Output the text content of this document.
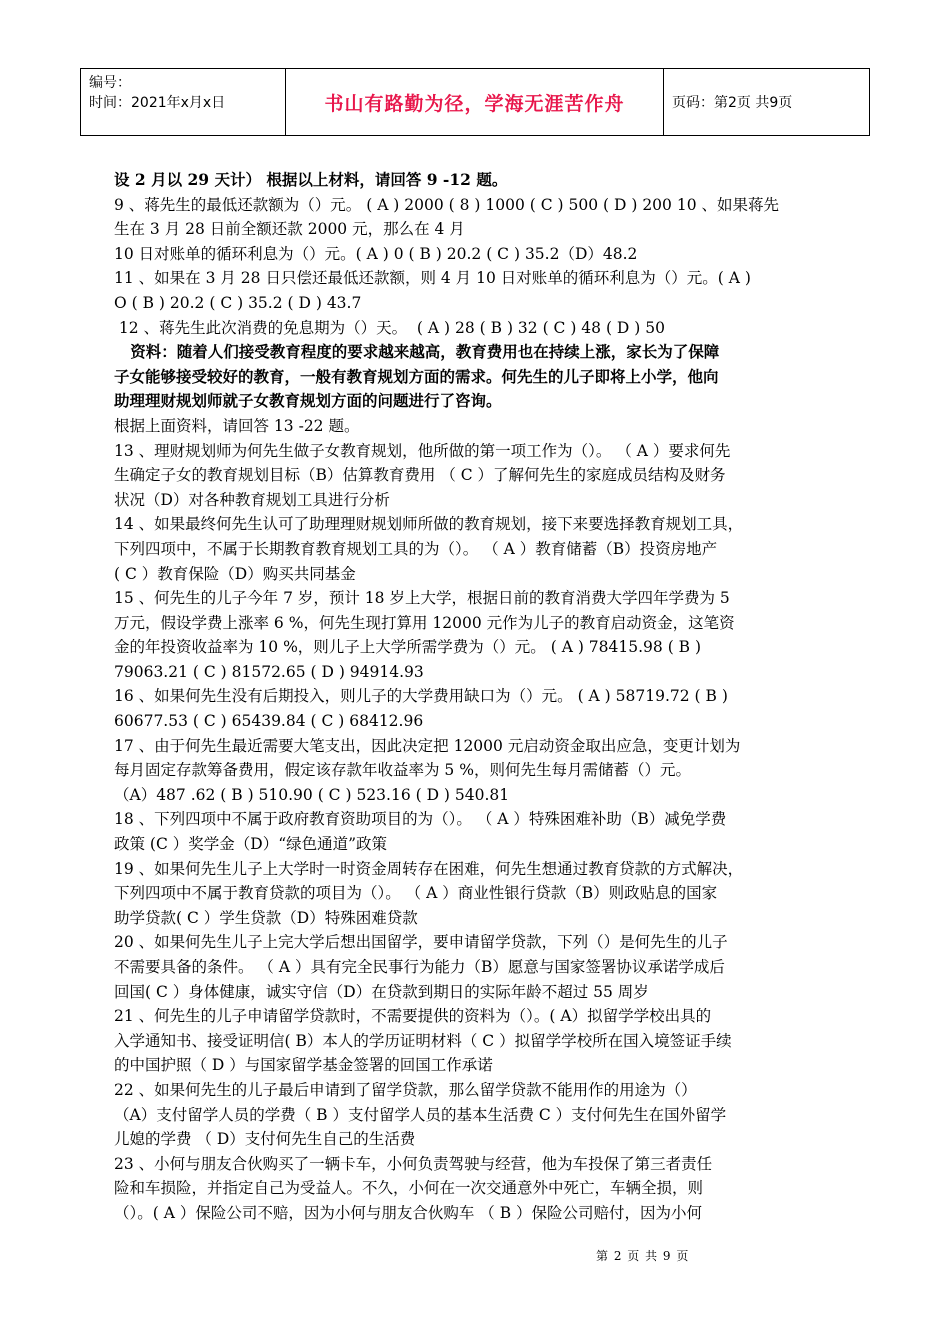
编号：
时间：2021年x月x日	书山有路勤为径，学海无涯苦作舟	页码：第2页 共9页

设 2 月以 29 天计） 根据以上材料，请回答 9 -12 题。

9 、蒋先生的最低还款额为（）元。 ( A ) 2000 ( 8 ) 1000 ( C ) 500 ( D ) 200 10 、如果蒋先

生在 3 月 28 日前全额还款 2000 元，那么在 4 月

10 日对账单的循环利息为（）元。( A ) 0 ( B ) 20.2 ( C ) 35.2（D）48.2

11 、如果在 3 月 28 日只偿还最低还款额，则 4 月 10 日对账单的循环利息为（）元。( A )

O ( B ) 20.2 ( C ) 35.2 ( D ) 43.7

12 、蒋先生此次消费的免息期为（）天。  ( A ) 28 ( B ) 32 ( C ) 48 ( D ) 50

资料：随着人们接受教育程度的要求越来越高，教育费用也在持续上涨，家长为了保障

子女能够接受较好的教育，一般有教育规划方面的需求。何先生的儿子即将上小学，他向

助理理财规划师就子女教育规划方面的问题进行了咨询。

根据上面资料，请回答 13 -22 题。

13 、理财规划师为何先生做子女教育规划，他所做的第一项工作为（）。 （ A ）要求何先

生确定子女的教育规划目标（B）估算教育费用 （ C ）了解何先生的家庭成员结构及财务

状况（D）对各种教育规划工具进行分析

14 、如果最终何先生认可了助理理财规划师所做的教育规划，接下来要选择教育规划工具，

下列四项中，不属于长期教育教育规划工具的为（）。 （ A ）教育储蓄（B）投资房地产

( C ）教育保险（D）购买共同基金

15 、何先生的儿子今年 7 岁，预计 18 岁上大学，根据日前的教育消费大学四年学费为 5

万元，假设学费上涨率 6 %，何先生现打算用 12000 元作为儿子的教育启动资金，这笔资

金的年投资收益率为 10 %，则儿子上大学所需学费为（）元。 ( A ) 78415.98 ( B )

79063.21 ( C ) 81572.65 ( D ) 94914.93

16 、如果何先生没有后期投入，则儿子的大学费用缺口为（）元。 ( A ) 58719.72 ( B )

60677.53 ( C ) 65439.84 ( C ) 68412.96

17 、由于何先生最近需要大笔支出，因此决定把 12000 元启动资金取出应急，变更计划为

每月固定存款筹备费用，假定该存款年收益率为 5 %，则何先生每月需储蓄（）元。

（A）487 .62 ( B ) 510.90 ( C ) 523.16 ( D ) 540.81

18 、下列四项中不属于政府教育资助项目的为（）。 （ A ）特殊困难补助（B）减免学费

政策 (C ）奖学金（D）“绿色通道”政策

19 、如果何先生儿子上大学时一时资金周转存在困难，何先生想通过教育贷款的方式解决，

下列四项中不属于教育贷款的项目为（）。 （ A ）商业性银行贷款（B）则政贴息的国家

助学贷款( C ）学生贷款（D）特殊困难贷款

20 、如果何先生儿子上完大学后想出国留学，要申请留学贷款，下列（）是何先生的儿子

不需要具备的条件。 （ A ）具有完全民事行为能力（B）愿意与国家签署协议承诺学成后

回国( C ）身体健康，诚实守信（D）在贷款到期日的实际年龄不超过 55 周岁

21 、何先生的儿子申请留学贷款时，不需要提供的资料为（）。( A）拟留学学校出具的

入学通知书、接受证明信( B）本人的学历证明材料（ C ）拟留学学校所在国入境签证手续

的中国护照（ D ）与国家留学基金签署的回国工作承诺

22 、如果何先生的儿子最后申请到了留学贷款，那么留学贷款不能用作的用途为（）

（A）支付留学人员的学费（ B ）支付留学人员的基本生活费 C ）支付何先生在国外留学

儿媳的学费 （ D）支付何先生自己的生活费

23 、小何与朋友合伙购买了一辆卡车，小何负责驾驶与经营，他为车投保了第三者责任

险和车损险，并指定自己为受益人。不久，小何在一次交通意外中死亡，车辆全损，则

（）。( A ）保险公司不赔，因为小何与朋友合伙购车 （ B ）保险公司赔付，因为小何

第 2 页 共 9 页
